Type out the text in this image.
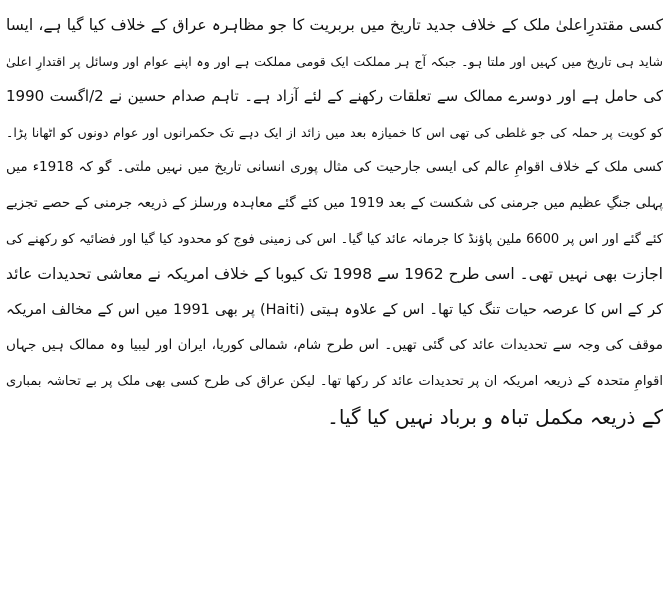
کسی مقتدرِاعلیٰ ملک کے خلاف جدید تاریخ میں بربریت کا جو مظاہرہ عراق کے خلاف کیا گیا ہے، ایسا
شاید ہی تاریخ میں کہیں اور ملتا ہو۔ جبکہ آج ہر مملکت ایک قومی مملکت ہے اور وہ اپنے عوام اور وسائل پر اقتدارِ اعلیٰ
کی حامل ہے اور دوسرے ممالک سے تعلقات رکھنے کے لئے آزاد ہے۔ تاہم صدام حسین نے 2/اگست 1990
کو کویت پر حملہ کی جو غلطی کی تھی اس کا خمیازہ بعد میں زائد از ایک دہے تک حکمرانوں اور عوام دونوں کو اٹھانا پڑا۔
کسی ملک کے خلاف اقوامِ عالم کی ایسی جارحیت کی مثال پوری انسانی تاریخ میں نہیں ملتی۔ گو کہ 1918ء میں
پہلی جنگِ عظیم میں جرمنی کی شکست کے بعد 1919 میں کئے گئے معاہدہ ورسلز کے ذریعہ جرمنی کے حصے تجزیے
کئے گئے اور اس پر 6600 ملین پاؤنڈ کا جرمانہ عائد کیا گیا۔ اس کی زمینی فوج کو محدود کیا گیا اور فضائیہ کو رکھنے کی
اجازت بھی نہیں تھی۔ اسی طرح 1962 سے 1998 تک کیوبا کے خلاف امریکہ نے معاشی تحدیدات عائد
کر کے اس کا عرصہ حیات تنگ کیا تھا۔ اس کے علاوہ ہیتی (Haiti) پر بھی 1991 میں اس کے مخالف امریکہ
موقف کی وجہ سے تحدیدات عائد کی گئی تھیں۔ اس طرح شام، شمالی کوریا، ایران اور لیبیا وہ ممالک ہیں جہاں
اقوامِ متحدہ کے ذریعہ امریکہ ان پر تحدیدات عائد کر رکھا تھا۔ لیکن عراق کی طرح کسی بھی ملک پر بے تحاشہ بمباری
کے ذریعہ مکمل تباہ و برباد نہیں کیا گیا۔
